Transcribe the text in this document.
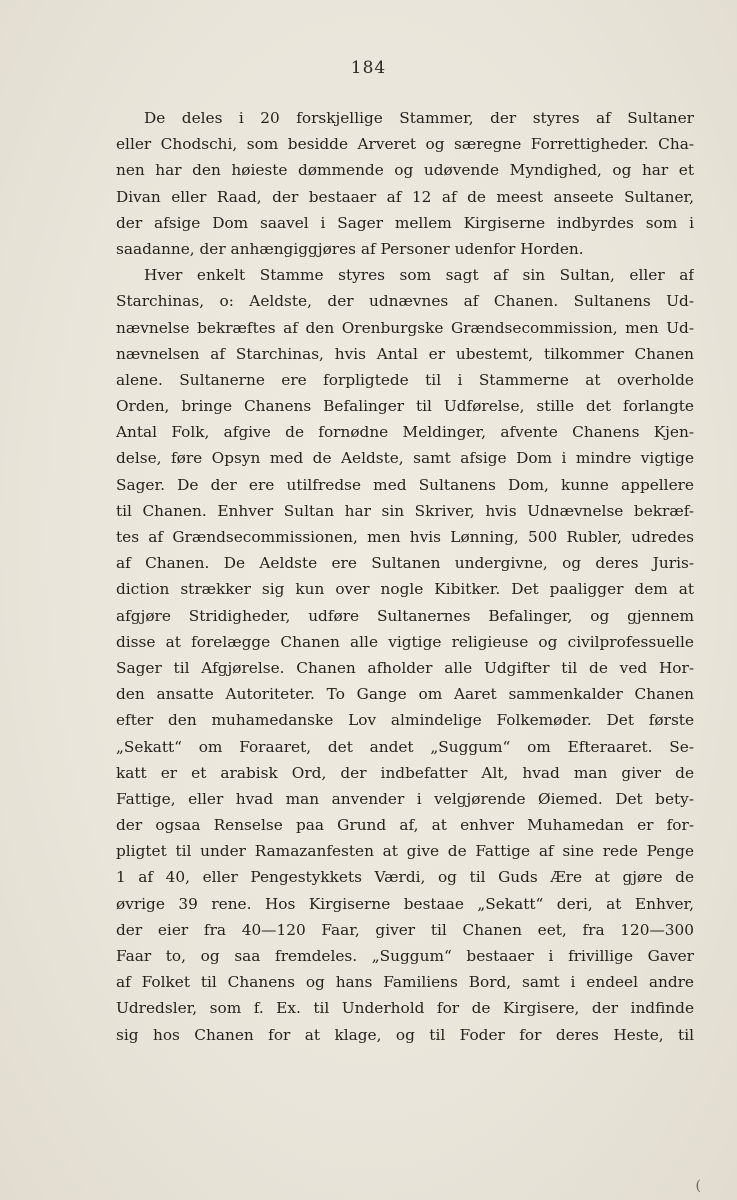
184
De deles i 20 forskjellige Stammer, der styres af Sultaner
eller Chodschi, som besidde Arveret og særegne Forrettigheder. Cha-
nen har den høieste dømmende og udøvende Myndighed, og har et
Divan eller Raad, der bestaaer af 12 af de meest anseete Sultaner,
der afsige Dom saavel i Sager mellem Kirgiserne indbyrdes som i
saadanne, der anhængiggjøres af Personer udenfor Horden.
Hver enkelt Stamme styres som sagt af sin Sultan, eller af
Starchinas, o: Aeldste, der udnævnes af Chanen. Sultanens Ud-
nævnelse bekræftes af den Orenburgske Grændsecommission, men Ud-
nævnelsen af Starchinas, hvis Antal er ubestemt, tilkommer Chanen
alene. Sultanerne ere forpligtede til i Stammerne at overholde
Orden, bringe Chanens Befalinger til Udførelse, stille det forlangte
Antal Folk, afgive de fornødne Meldinger, afvente Chanens Kjen-
delse, føre Opsyn med de Aeldste, samt afsige Dom i mindre vigtige
Sager. De der ere utilfredse med Sultanens Dom, kunne appellere
til Chanen. Enhver Sultan har sin Skriver, hvis Udnævnelse bekræf-
tes af Grændsecommissionen, men hvis Lønning, 500 Rubler, udredes
af Chanen. De Aeldste ere Sultanen undergivne, og deres Juris-
diction strækker sig kun over nogle Kibitker. Det paaligger dem at
afgjøre Stridigheder, udføre Sultanernes Befalinger, og gjennem
disse at forelægge Chanen alle vigtige religieuse og civilprofessuelle
Sager til Afgjørelse. Chanen afholder alle Udgifter til de ved Hor-
den ansatte Autoriteter. To Gange om Aaret sammenkalder Chanen
efter den muhamedanske Lov almindelige Folkemøder. Det første
„Sekatt“ om Foraaret, det andet „Suggum“ om Efteraaret. Se-
katt er et arabisk Ord, der indbefatter Alt, hvad man giver de
Fattige, eller hvad man anvender i velgjørende Øiemed. Det bety-
der ogsaa Renselse paa Grund af, at enhver Muhamedan er for-
pligtet til under Ramazanfesten at give de Fattige af sine rede Penge
1 af 40, eller Pengestykkets Værdi, og til Guds Ære at gjøre de
øvrige 39 rene. Hos Kirgiserne bestaae „Sekatt“ deri, at Enhver,
der eier fra 40—120 Faar, giver til Chanen eet, fra 120—300
Faar to, og saa fremdeles. „Suggum“ bestaaer i frivillige Gaver
af Folket til Chanens og hans Familiens Bord, samt i endeel andre
Udredsler, som f. Ex. til Underhold for de Kirgisere, der indfinde
sig hos Chanen for at klage, og til Foder for deres Heste, til
(
